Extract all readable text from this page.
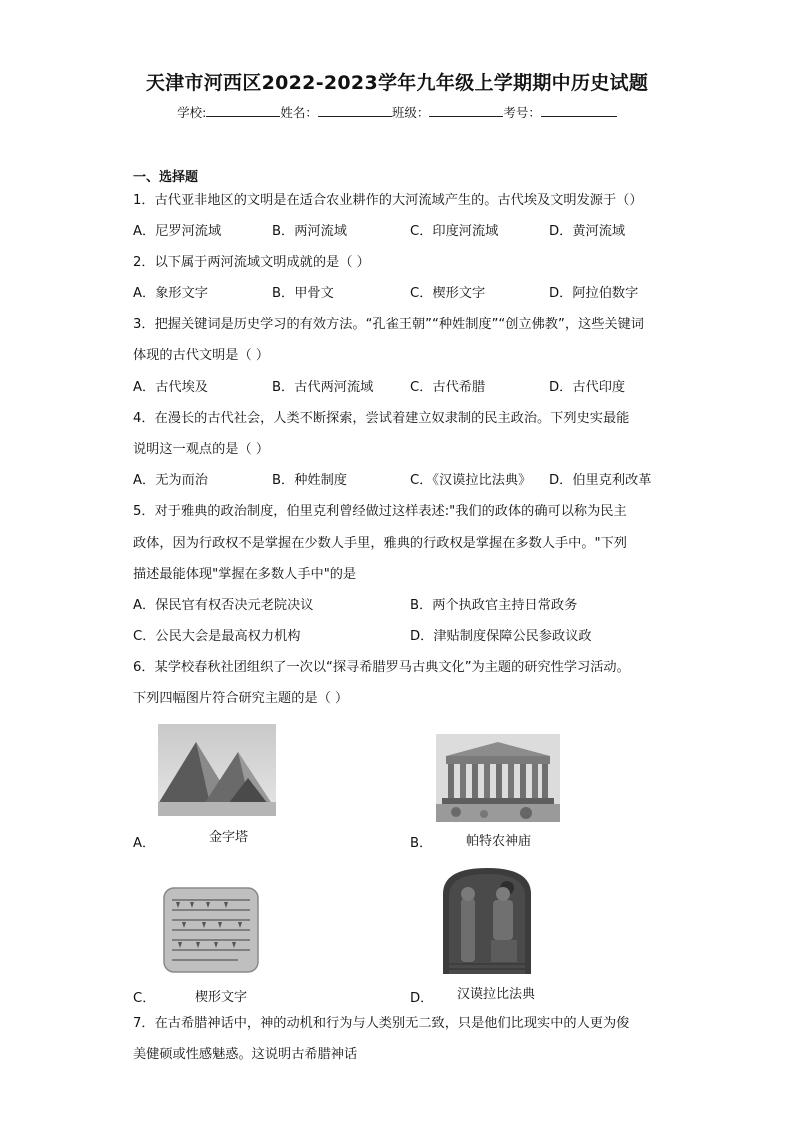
天津市河西区2022-2023学年九年级上学期期中历史试题
学校:	姓名：	班级：	考号：
一、选择题
1．古代亚非地区的文明是在适合农业耕作的大河流域产生的。古代埃及文明发源于（）
A．尼罗河流域	B．两河流域	C．印度河流域	D．黄河流域
2．以下属于两河流域文明成就的是（ ）
A．象形文字	B．甲骨文	C．楔形文字	D．阿拉伯数字
3．把握关键词是历史学习的有效方法。“孔雀王朝”“种姓制度”“创立佛教”，这些关键词
体现的古代文明是（ ）
A．古代埃及	B．古代两河流域	C．古代希腊	D．古代印度
4．在漫长的古代社会，人类不断探索，尝试着建立奴隶制的民主政治。下列史实最能
说明这一观点的是（ ）
A．无为而治	B．种姓制度	C．《汉谟拉比法典》 D．伯里克利改革
5．对于雅典的政治制度，伯里克利曾经做过这样表述:"我们的政体的确可以称为民主
政体，因为行政权不是掌握在少数人手里，雅典的行政权是掌握在多数人手中。"下列
描述最能体现"掌握在多数人手中"的是
A．保民官有权否决元老院决议	B．两个执政官主持日常政务
C．公民大会是最高权力机构	D．津贴制度保障公民参政议政
6．某学校春秋社团组织了一次以“探寻希腊罗马古典文化”为主题的研究性学习活动。
下列四幅图片符合研究主题的是（ ）
A．	金字塔	B．	帕特农神庙
C．	楔形文字	D． 汉谟拉比法典
7．在古希腊神话中，神的动机和行为与人类别无二致，只是他们比现实中的人更为俊
美健硕或性感魅惑。这说明古希腊神话
